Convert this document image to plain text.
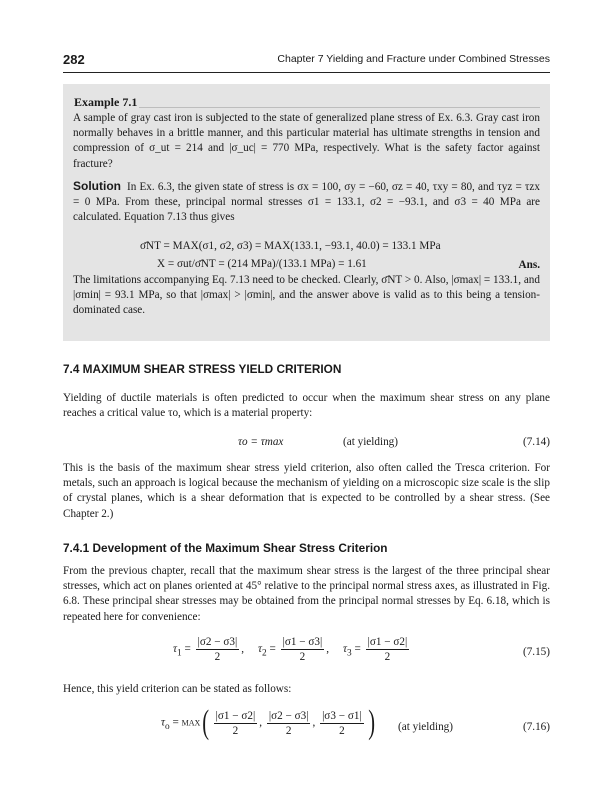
282	Chapter 7 Yielding and Fracture under Combined Stresses
Example 7.1

A sample of gray cast iron is subjected to the state of generalized plane stress of Ex. 6.3. Gray cast iron normally behaves in a brittle manner, and this particular material has ultimate strengths in tension and compression of σ_ut = 214 and |σ_uc| = 770 MPa, respectively. What is the safety factor against fracture?

Solution In Ex. 6.3, the given state of stress is σx = 100, σy = −60, σz = 40, τxy = 80, and τyz = τzx = 0 MPa. From these, principal normal stresses σ1 = 133.1, σ2 = −93.1, and σ3 = 40 MPa are calculated. Equation 7.13 thus gives

σ̄NT = MAX(σ1, σ2, σ3) = MAX(133.1, −93.1, 40.0) = 133.1 MPa
X = σut/σ̄NT = (214 MPa)/(133.1 MPa) = 1.61	Ans.

The limitations accompanying Eq. 7.13 need to be checked. Clearly, σ̄NT > 0. Also, |σmax| = 133.1, and |σmin| = 93.1 MPa, so that |σmax| > |σmin|, and the answer above is valid as to this being a tension-dominated case.

7.4 MAXIMUM SHEAR STRESS YIELD CRITERION

Yielding of ductile materials is often predicted to occur when the maximum shear stress on any plane reaches a critical value τo, which is a material property:

τo = τmax	(at yielding)	(7.14)

This is the basis of the maximum shear stress yield criterion, also often called the Tresca criterion. For metals, such an approach is logical because the mechanism of yielding on a microscopic size scale is the slip of crystal planes, which is a shear deformation that is expected to be controlled by a shear stress. (See Chapter 2.)

7.4.1 Development of the Maximum Shear Stress Criterion

From the previous chapter, recall that the maximum shear stress is the largest of the three principal shear stresses, which act on planes oriented at 45° relative to the principal normal stress axes, as illustrated in Fig. 6.8. These principal shear stresses may be obtained from the principal normal stresses by Eq. 6.18, which is repeated here for convenience:

$\tau_1 = \frac{|\sigma 2 - \sigma 3|}{2}$ , $\tau_2 = \frac{|\sigma 1 - \sigma 3|}{2}$ , $\tau_3 = \frac{|\sigma 1 - \sigma 2|}{2}$	(7.15)

Hence, this yield criterion can be stated as follows:

$\tau_o = \max( \frac{|\sigma 1 - \sigma 2|}{2}$ , $\frac{|\sigma 2 - \sigma 3|}{2}$ , $\frac{|\sigma 3 - \sigma 1|}{2}$ ) (at yielding)	(7.16)
